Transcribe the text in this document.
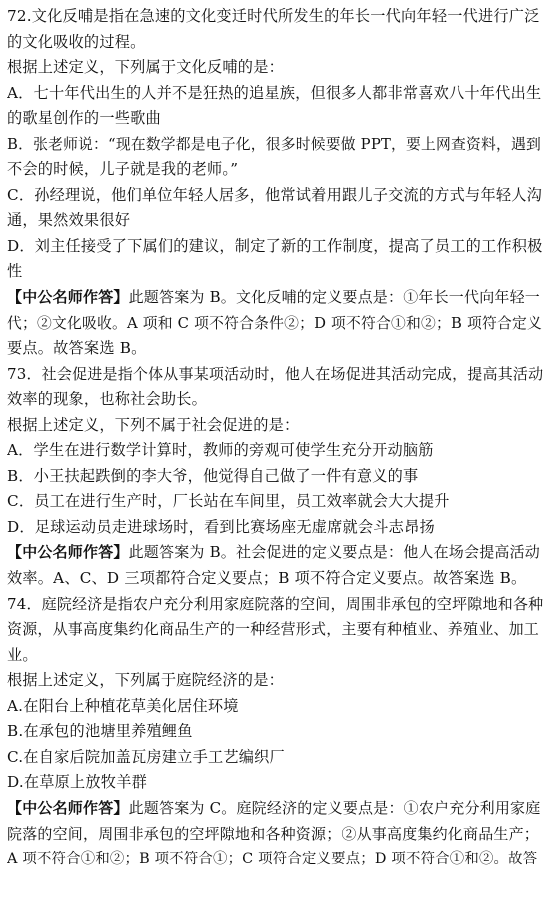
72.文化反哺是指在急速的文化变迁时代所发生的年长一代向年轻一代进行广泛
的文化吸收的过程。
根据上述定义，下列属于文化反哺的是：
A．七十年代出生的人并不是狂热的追星族，但很多人都非常喜欢八十年代出生
的歌星创作的一些歌曲
B．张老师说：“现在数学都是电子化，很多时候要做 PPT，要上网查资料，遇到
不会的时候，儿子就是我的老师。”
C．孙经理说，他们单位年轻人居多，他常试着用跟儿子交流的方式与年轻人沟
通，果然效果很好
D．刘主任接受了下属们的建议，制定了新的工作制度，提高了员工的工作积极
性
【中公名师作答】此题答案为 B。文化反哺的定义要点是：①年长一代向年轻一
代；②文化吸收。A 项和 C 项不符合条件②；D 项不符合①和②；B 项符合定义
要点。故答案选 B。
73．社会促进是指个体从事某项活动时，他人在场促进其活动完成，提高其活动
效率的现象，也称社会助长。
根据上述定义，下列不属于社会促进的是：
A．学生在进行数学计算时，教师的旁观可使学生充分开动脑筋
B．小王扶起跌倒的李大爷，他觉得自己做了一件有意义的事
C．员工在进行生产时，厂长站在车间里，员工效率就会大大提升
D．足球运动员走进球场时，看到比赛场座无虚席就会斗志昂扬
【中公名师作答】此题答案为 B。社会促进的定义要点是：他人在场会提高活动
效率。A、C、D 三项都符合定义要点；B 项不符合定义要点。故答案选 B。
74．庭院经济是指农户充分利用家庭院落的空间，周围非承包的空坪隙地和各种
资源，从事高度集约化商品生产的一种经营形式，主要有种植业、养殖业、加工
业。
根据上述定义，下列属于庭院经济的是：
A.在阳台上种植花草美化居住环境
B.在承包的池塘里养殖鲤鱼
C.在自家后院加盖瓦房建立手工艺编织厂
D.在草原上放牧羊群
【中公名师作答】此题答案为 C。庭院经济的定义要点是：①农户充分利用家庭
院落的空间，周围非承包的空坪隙地和各种资源；②从事高度集约化商品生产；
A 项不符合①和②；B 项不符合①；C 项符合定义要点；D 项不符合①和②。故答
